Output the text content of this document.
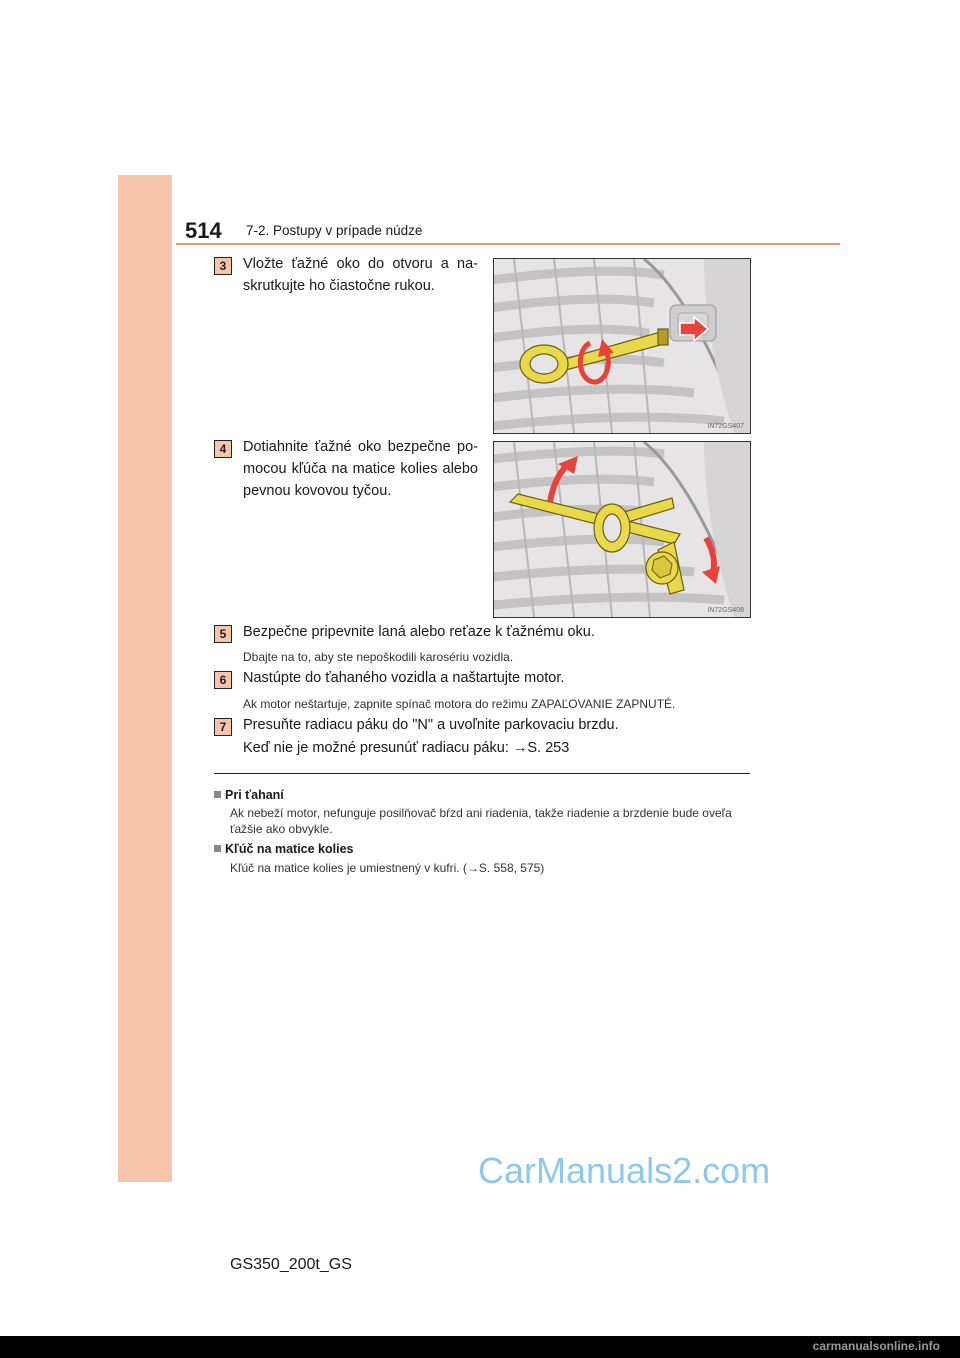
514 7-2. Postupy v prípade núdze
3	Vložte ťažné oko do otvoru a na-skrutkujte ho čiastočne rukou.
IN72GS407
4	Dotiahnite ťažné oko bezpečne po-mocou kľúča na matice kolies alebo pevnou kovovou tyčou.
IN72GS408
5	Bezpečne pripevnite laná alebo reťaze k ťažnému oku.
Dbajte na to, aby ste nepoškodili karosériu vozidla.
6	Nastúpte do ťahaného vozidla a naštartujte motor.
Ak motor neštartuje, zapnite spínač motora do režimu ZAPAĽOVANIE ZAPNUTÉ.
7	Presuňte radiacu páku do "N" a uvoľnite parkovaciu brzdu.
Keď nie je možné presunúť radiacu páku: →S. 253
Pri ťahaní
Ak nebeží motor, nefunguje posilňovač bŕzd ani riadenia, takže riadenie a brzdenie bude oveľa ťažšie ako obvykle.
Kľúč na matice kolies
Kľúč na matice kolies je umiestnený v kufri. (→S. 558, 575)
CarManuals2.com
GS350_200t_GS
carmanualsonline.info
